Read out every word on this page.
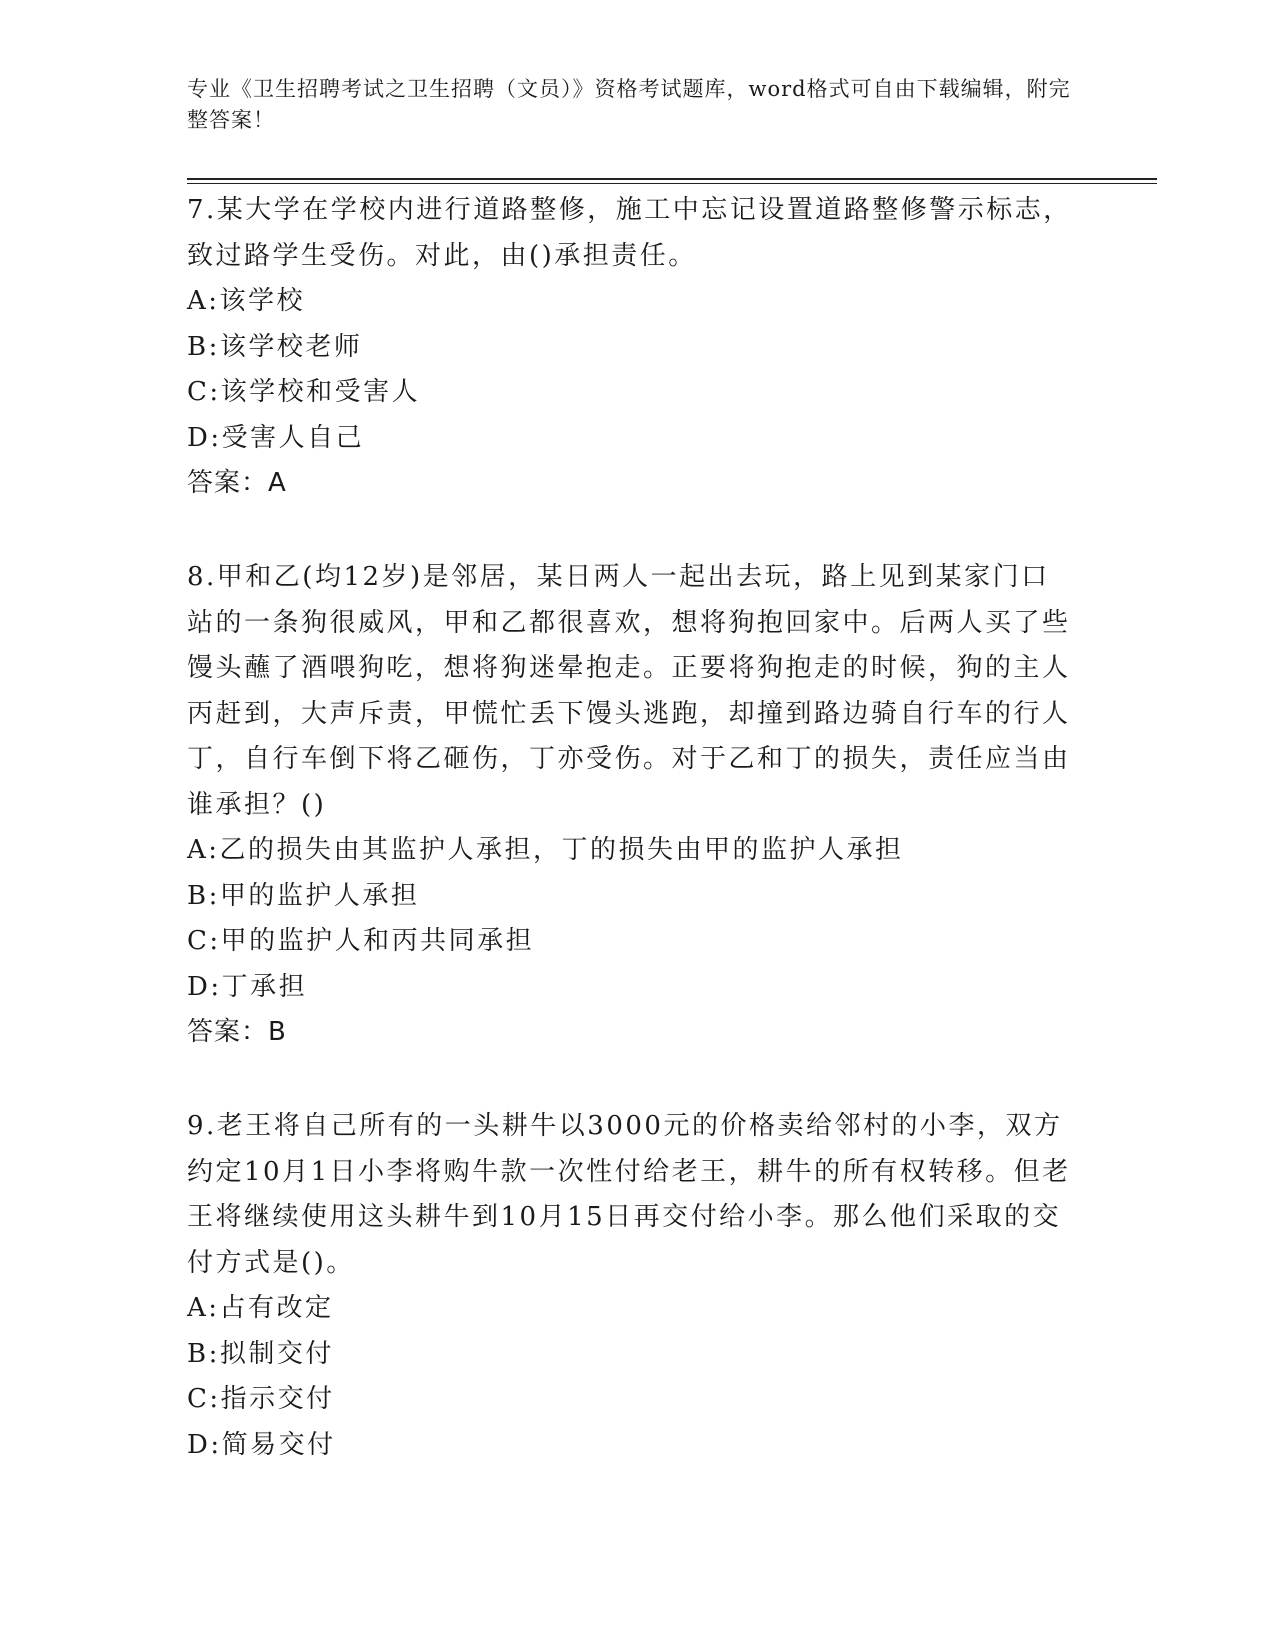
专业《卫生招聘考试之卫生招聘（文员）》资格考试题库，word格式可自由下载编辑，附完整答案！

7.某大学在学校内进行道路整修，施工中忘记设置道路整修警示标志，致过路学生受伤。对此，由()承担责任。

A:该学校

B:该学校老师

C:该学校和受害人

D:受害人自己

答案：A

8.甲和乙(均12岁)是邻居，某日两人一起出去玩，路上见到某家门口站的一条狗很威风，甲和乙都很喜欢，想将狗抱回家中。后两人买了些馒头蘸了酒喂狗吃，想将狗迷晕抱走。正要将狗抱走的时候，狗的主人丙赶到，大声斥责，甲慌忙丢下馒头逃跑，却撞到路边骑自行车的行人丁，自行车倒下将乙砸伤，丁亦受伤。对于乙和丁的损失，责任应当由谁承担？()

A:乙的损失由其监护人承担，丁的损失由甲的监护人承担

B:甲的监护人承担

C:甲的监护人和丙共同承担

D:丁承担

答案：B

9.老王将自己所有的一头耕牛以3000元的价格卖给邻村的小李，双方约定10月1日小李将购牛款一次性付给老王，耕牛的所有权转移。但老王将继续使用这头耕牛到10月15日再交付给小李。那么他们采取的交付方式是()。

A:占有改定

B:拟制交付

C:指示交付

D:简易交付
